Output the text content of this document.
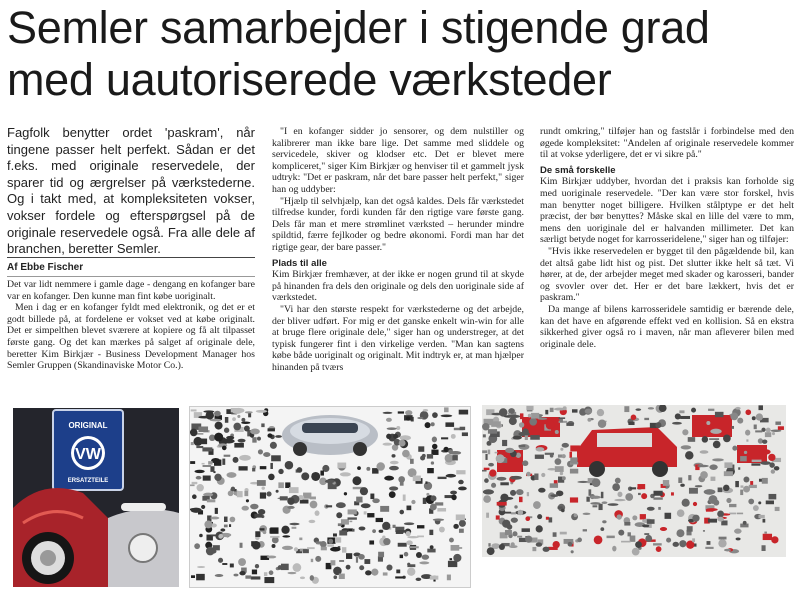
Semler samarbejder i stigende grad med uautoriserede værksteder

Fagfolk benytter ordet 'paskram', når tingene passer helt perfekt. Sådan er det f.eks. med originale reservedele, der sparer tid og ærgrelser på værkstederne. Og i takt med, at kompleksiteten vokser, vokser fordele og efterspørgsel på de originale reservedele også. Fra alle dele af branchen, beretter Semler.

Af Ebbe Fischer

Det var lidt nemmere i gamle dage - dengang en kofanger bare var en kofanger. Den kunne man fint købe uoriginalt.

Men i dag er en kofanger fyldt med elektronik, og det er et godt billede på, at fordelene er vokset ved at købe originalt. Det er simpelthen blevet sværere at kopiere og få alt tilpasset første gang. Og det kan mærkes på salget af originale dele, beretter Kim Birkjær - Business Development Manager hos Semler Gruppen (Skandinaviske Motor Co.).

"I en kofanger sidder jo sensorer, og dem nulstiller og kalibrerer man ikke bare lige. Det samme med sliddele og servicedele, skiver og klodser etc. Det er blevet mere kompliceret," siger Kim Birkjær og henviser til et gammelt jysk udtryk: "Det er paskram, når det bare passer helt perfekt," siger han og uddyber:

"Hjælp til selvhjælp, kan det også kaldes. Dels får værkstedet tilfredse kunder, fordi kunden får den rigtige vare første gang. Dels får man et mere strømlinet værksted – herunder mindre spildtid, færre fejlkoder og bedre økonomi. Fordi man har det rigtige gear, der bare passer."

Plads til alle

Kim Birkjær fremhæver, at der ikke er nogen grund til at skyde på hinanden fra dels den originale og dels den uoriginale side af værkstedet.

"Vi har den største respekt for værkstederne og det arbejde, der bliver udført. For mig er det ganske enkelt win-win for alle at bruge flere originale dele," siger han og understreger, at det typisk fungerer fint i den virkelige verden. "Man kan sagtens købe både uoriginalt og originalt. Mit indtryk er, at man hjælper hinanden på tværs

rundt omkring," tilføjer han og fastslår i forbindelse med den øgede kompleksitet: "Andelen af originale reservedele kommer til at vokse yderligere, det er vi sikre på."

De små forskelle

Kim Birkjær uddyber, hvordan det i praksis kan forholde sig med uoriginale reservedele. "Der kan være stor forskel, hvis man benytter noget billigere. Hvilken stålptype er det helt præcist, der bør benyttes? Måske skal en lille del være to mm, mens den uoriginale del er halvanden millimeter. Det kan særligt betyde noget for karrosseridelene," siger han og tilføjer:

"Hvis ikke reservedelen er bygget til den pågældende bil, kan det altså gabe lidt hist og pist. Det slutter ikke helt så tæt. Vi hører, at de, der arbejder meget med skader og karosseri, bander og svovler over det. Her er det bare lækkert, hvis det er paskram."

Da mange af bilens karrosseridele samtidig er bærende dele, kan det have en afgørende effekt ved en kollision. Så en ekstra sikkerhed giver også ro i maven, når man afleverer bilen med originale dele.

ORIGINAL
VW
ERSATZTEILE
